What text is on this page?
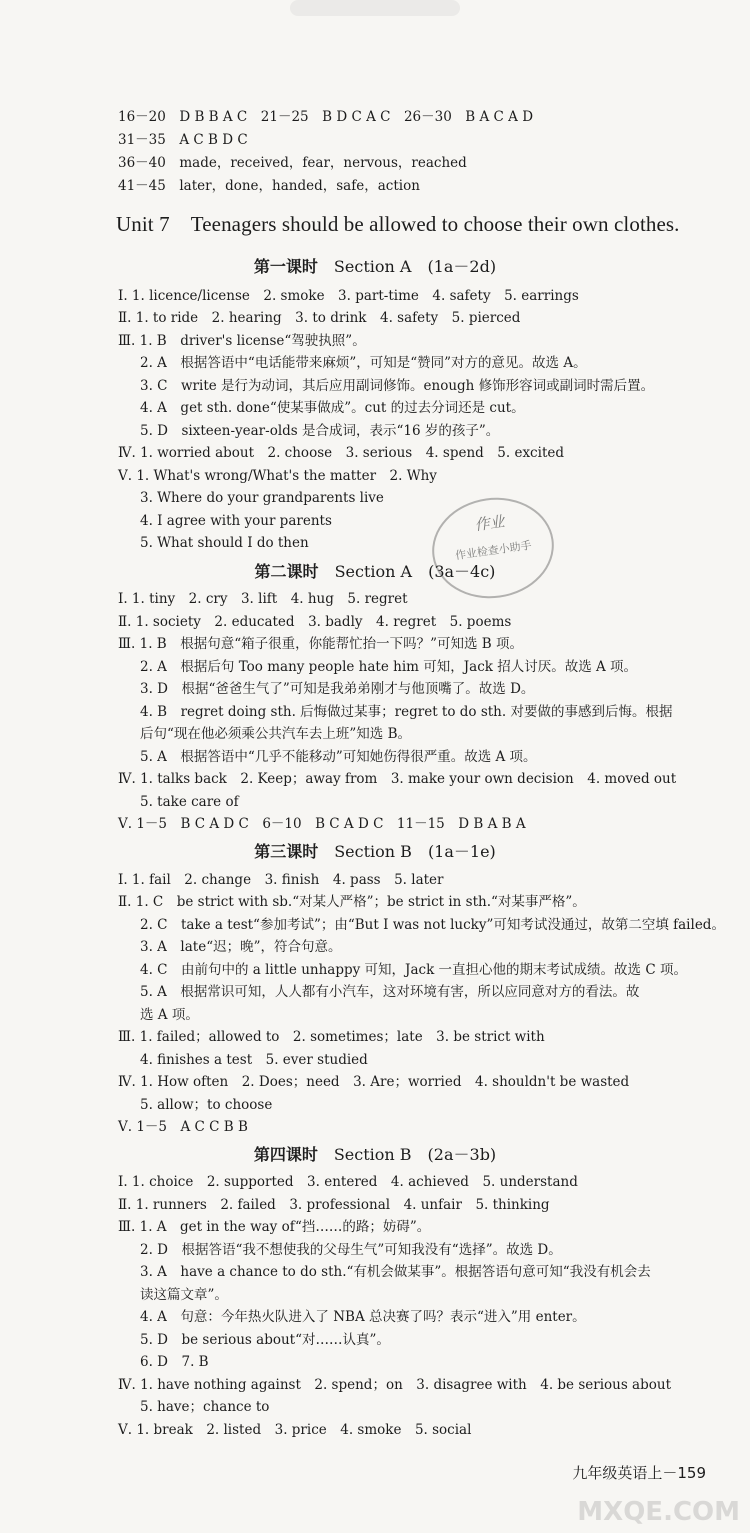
16－20　D B B A C　21－25　B D C A C　26－30　B A C A D
31－35　A C B D C
36－40　made，received，fear，nervous，reached
41－45　later，done，handed，safe，action
Unit 7　Teenagers should be allowed to choose their own clothes.
第一课时 Section A　(1a－2d)
Ⅰ. 1. licence/license　2. smoke　3. part-time　4. safety　5. earrings
Ⅱ. 1. to ride　2. hearing　3. to drink　4. safety　5. pierced
Ⅲ. 1. B　driver's license“驾驶执照”。
2. A　根据答语中“电话能带来麻烦”，可知是“赞同”对方的意见。故选 A。
3. C　write 是行为动词，其后应用副词修饰。enough 修饰形容词或副词时需后置。
4. A　get sth. done“使某事做成”。cut 的过去分词还是 cut。
5. D　sixteen-year-olds 是合成词，表示“16 岁的孩子”。
Ⅳ. 1. worried about　2. choose　3. serious　4. spend　5. excited
Ⅴ. 1. What's wrong/What's the matter　2. Why
3. Where do your grandparents live
4. I agree with your parents
5. What should I do then
第二课时 Section A　(3a－4c)
Ⅰ. 1. tiny　2. cry　3. lift　4. hug　5. regret
Ⅱ. 1. society　2. educated　3. badly　4. regret　5. poems
Ⅲ. 1. B　根据句意“箱子很重，你能帮忙抬一下吗？”可知选 B 项。
2. A　根据后句 Too many people hate him 可知，Jack 招人讨厌。故选 A 项。
3. D　根据“爸爸生气了”可知是我弟弟刚才与他顶嘴了。故选 D。
4. B　regret doing sth. 后悔做过某事；regret to do sth. 对要做的事感到后悔。根据
后句“现在他必须乘公共汽车去上班”知选 B。
5. A　根据答语中“几乎不能移动”可知她伤得很严重。故选 A 项。
Ⅳ. 1. talks back　2. Keep；away from　3. make your own decision　4. moved out
5. take care of
Ⅴ. 1－5　B C A D C　6－10　B C A D C　11－15　D B A B A
第三课时 Section B　(1a－1e)
Ⅰ. 1. fail　2. change　3. finish　4. pass　5. later
Ⅱ. 1. C　be strict with sb.“对某人严格”；be strict in sth.“对某事严格”。
2. C　take a test“参加考试”；由“But I was not lucky”可知考试没通过，故第二空填 failed。
3. A　late“迟；晚”，符合句意。
4. C　由前句中的 a little unhappy 可知，Jack 一直担心他的期末考试成绩。故选 C 项。
5. A　根据常识可知，人人都有小汽车，这对环境有害，所以应同意对方的看法。故
选 A 项。
Ⅲ. 1. failed；allowed to　2. sometimes；late　3. be strict with
4. finishes a test　5. ever studied
Ⅳ. 1. How often　2. Does；need　3. Are；worried　4. shouldn't be wasted
5. allow；to choose
Ⅴ. 1－5　A C C B B
第四课时 Section B　(2a－3b)
Ⅰ. 1. choice　2. supported　3. entered　4. achieved　5. understand
Ⅱ. 1. runners　2. failed　3. professional　4. unfair　5. thinking
Ⅲ. 1. A　get in the way of“挡……的路；妨碍”。
2. D　根据答语“我不想使我的父母生气”可知我没有“选择”。故选 D。
3. A　have a chance to do sth.“有机会做某事”。根据答语句意可知“我没有机会去
读这篇文章”。
4. A　句意：今年热火队进入了 NBA 总决赛了吗？表示“进入”用 enter。
5. D　be serious about“对……认真”。
6. D　7. B
Ⅳ. 1. have nothing against　2. spend；on　3. disagree with　4. be serious about
5. have；chance to
Ⅴ. 1. break　2. listed　3. price　4. smoke　5. social
作业
作业检查小助手
九年级英语上－159
MXQE.COM
